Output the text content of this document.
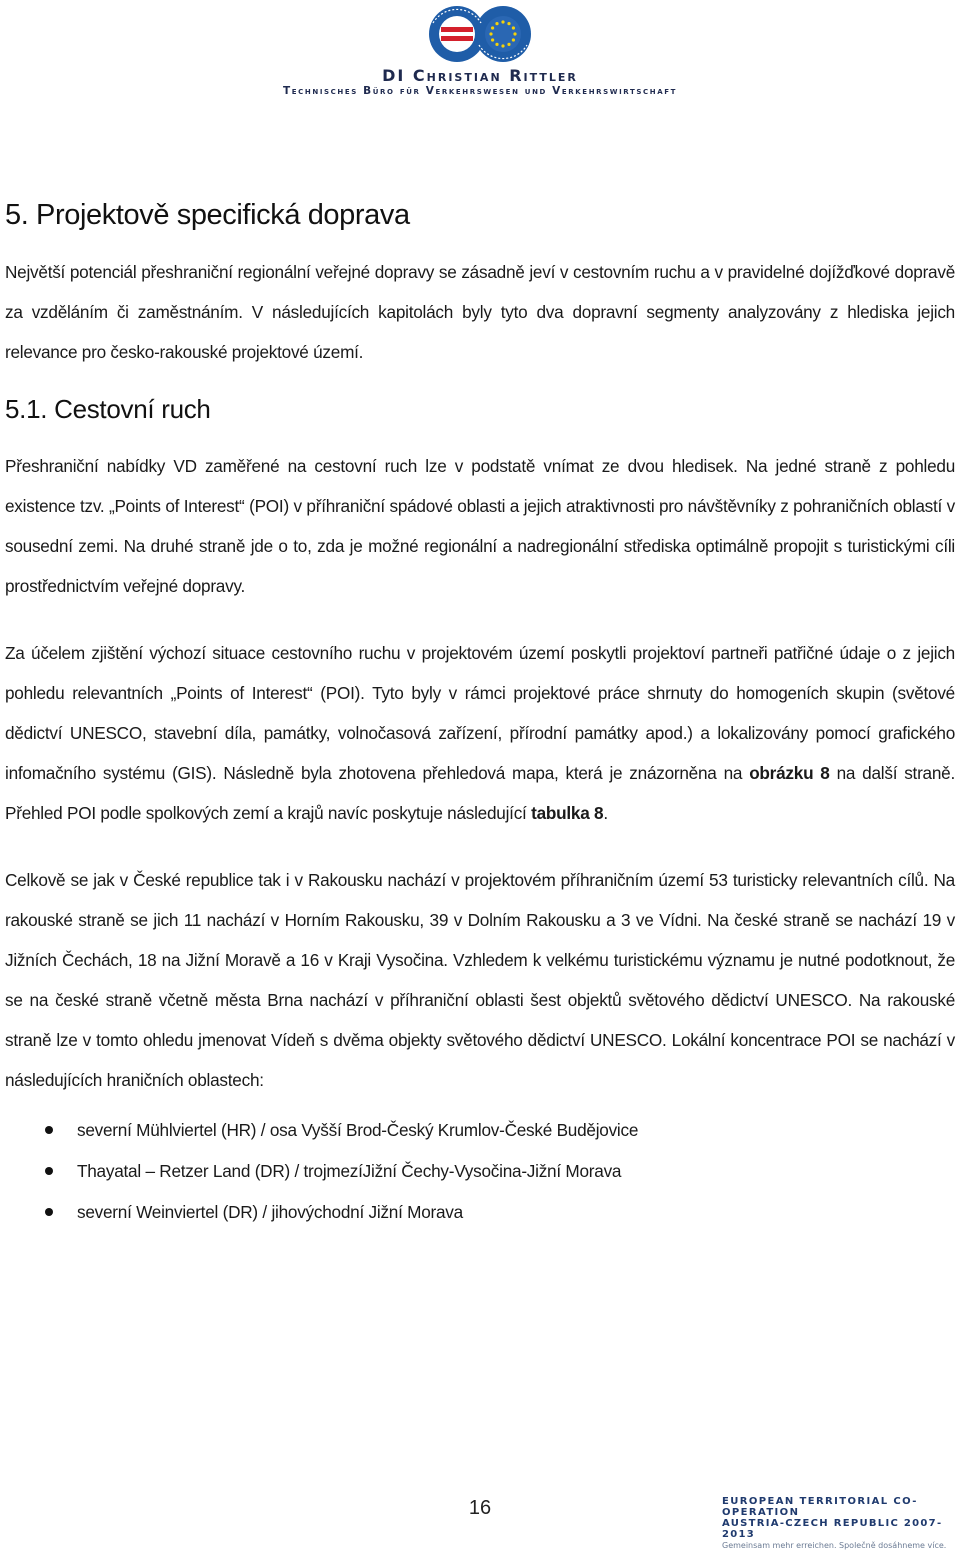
DI Christian Rittler
Technisches Büro für Verkehrswesen und Verkehrswirtschaft
5. Projektově specifická doprava

Největší potenciál přeshraniční regionální veřejné dopravy se zásadně jeví v cestovním ruchu a v pravidelné dojížďkové dopravě za vzděláním či zaměstnáním. V následujících kapitolách byly tyto dva dopravní segmenty analyzovány z hlediska jejich relevance pro česko-rakouské projektové území.

5.1. Cestovní ruch

Přeshraniční nabídky VD zaměřené na cestovní ruch lze v podstatě vnímat ze dvou hledisek. Na jedné straně z pohledu existence tzv. „Points of Interest“ (POI) v příhraniční spádové oblasti a jejich atraktivnosti pro návštěvníky z pohraničních oblastí v sousední zemi. Na druhé straně jde o to, zda je možné regionální a nadregionální střediska optimálně propojit s turistickými cíli prostřednictvím veřejné dopravy.

Za účelem zjištění výchozí situace cestovního ruchu v projektovém území poskytli projektoví partneři patřičné údaje o z jejich pohledu relevantních „Points of Interest“ (POI). Tyto byly v rámci projektové práce shrnuty do homogeních skupin (světové dědictví UNESCO, stavební díla, památky, volnočasová zařízení, přírodní památky apod.) a lokalizovány pomocí grafického infomačního systému (GIS). Následně byla zhotovena přehledová mapa, která je znázorněna na obrázku 8 na další straně. Přehled POI podle spolkových zemí a krajů navíc poskytuje následující tabulka 8.

Celkově se jak v České republice tak i v Rakousku nachází v projektovém příhraničním území 53 turisticky relevantních cílů. Na rakouské straně se jich 11 nachází v Horním Rakousku, 39 v Dolním Rakousku a 3 ve Vídni. Na české straně se nachází 19 v Jižních Čechách, 18 na Jižní Moravě a 16 v Kraji Vysočina. Vzhledem k velkému turistickému významu je nutné podotknout, že se na české straně včetně města Brna nachází v příhraniční oblasti šest objektů světového dědictví UNESCO. Na rakouské straně lze v tomto ohledu jmenovat Vídeň s dvěma objekty světového dědictví UNESCO. Lokální koncentrace POI se nachází v následujících hraničních oblastech:

severní Mühlviertel (HR) / osa Vyšší Brod-Český Krumlov-České Budějovice
Thayatal – Retzer Land (DR) / trojmezíJižní Čechy-Vysočina-Jižní Morava
severní Weinviertel (DR) / jihovýchodní Jižní Morava
16	EUROPEAN TERRITORIAL CO-OPERATION
AUSTRIA-CZECH REPUBLIC 2007-2013
Gemeinsam mehr erreichen. Společně dosáhneme více.
